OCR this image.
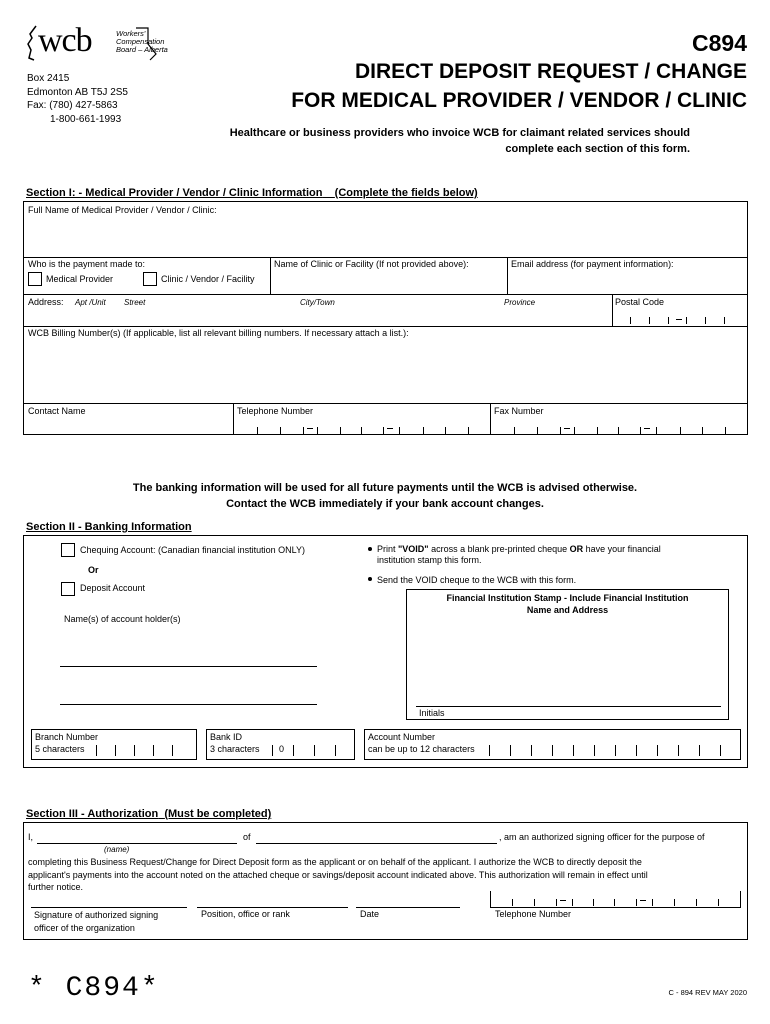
wcb	Workers'
Compensation
Board – Alberta
Box 2415
Edmonton AB T5J 2S5
Fax: (780) 427-5863
1-800-661-1993
C894
DIRECT DEPOSIT REQUEST / CHANGE
FOR MEDICAL PROVIDER / VENDOR / CLINIC
Healthcare or business providers who invoice WCB for claimant related services should
complete each section of this form.
Section I: - Medical Provider / Vendor / Clinic Information (Complete the fields below)
Full Name of Medical Provider / Vendor / Clinic:
Who is the payment made to:
Medical Provider	Clinic / Vendor / Facility
Name of Clinic or Facility (If not provided above):	Email address (for payment information):
Address: Apt /Unit Street	City/Town	Province	Postal Code
WCB Billing Number(s) (If applicable, list all relevant billing numbers. If necessary attach a list.):
Contact Name	Telephone Number	Fax Number
The banking information will be used for all future payments until the WCB is advised otherwise.
Contact the WCB immediately if your bank account changes.
Section II - Banking Information
Chequing Account: (Canadian financial institution ONLY)
Or
Deposit Account
Name(s) of account holder(s)
Print "VOID" across a blank pre-printed cheque OR have your financial
institution stamp this form.
Send the VOID cheque to the WCB with this form.
Financial Institution Stamp - Include Financial Institution
Name and Address
Initials
Branch Number
5 characters
Bank ID
3 characters 0
Account Number
can be up to 12 characters
Section III - Authorization (Must be completed)
I,
(name)
of	, am an authorized signing officer for the purpose of
completing this Business Request/Change for Direct Deposit form as the applicant or on behalf of the applicant. I authorize the WCB to directly deposit the
applicant's payments into the account noted on the attached cheque or savings/deposit account indicated above. This authorization will remain in effect until
further notice.
Signature of authorized signing
officer of the organization
Position, office or rank	Date	Telephone Number
* C894*	C - 894 REV MAY 2020
